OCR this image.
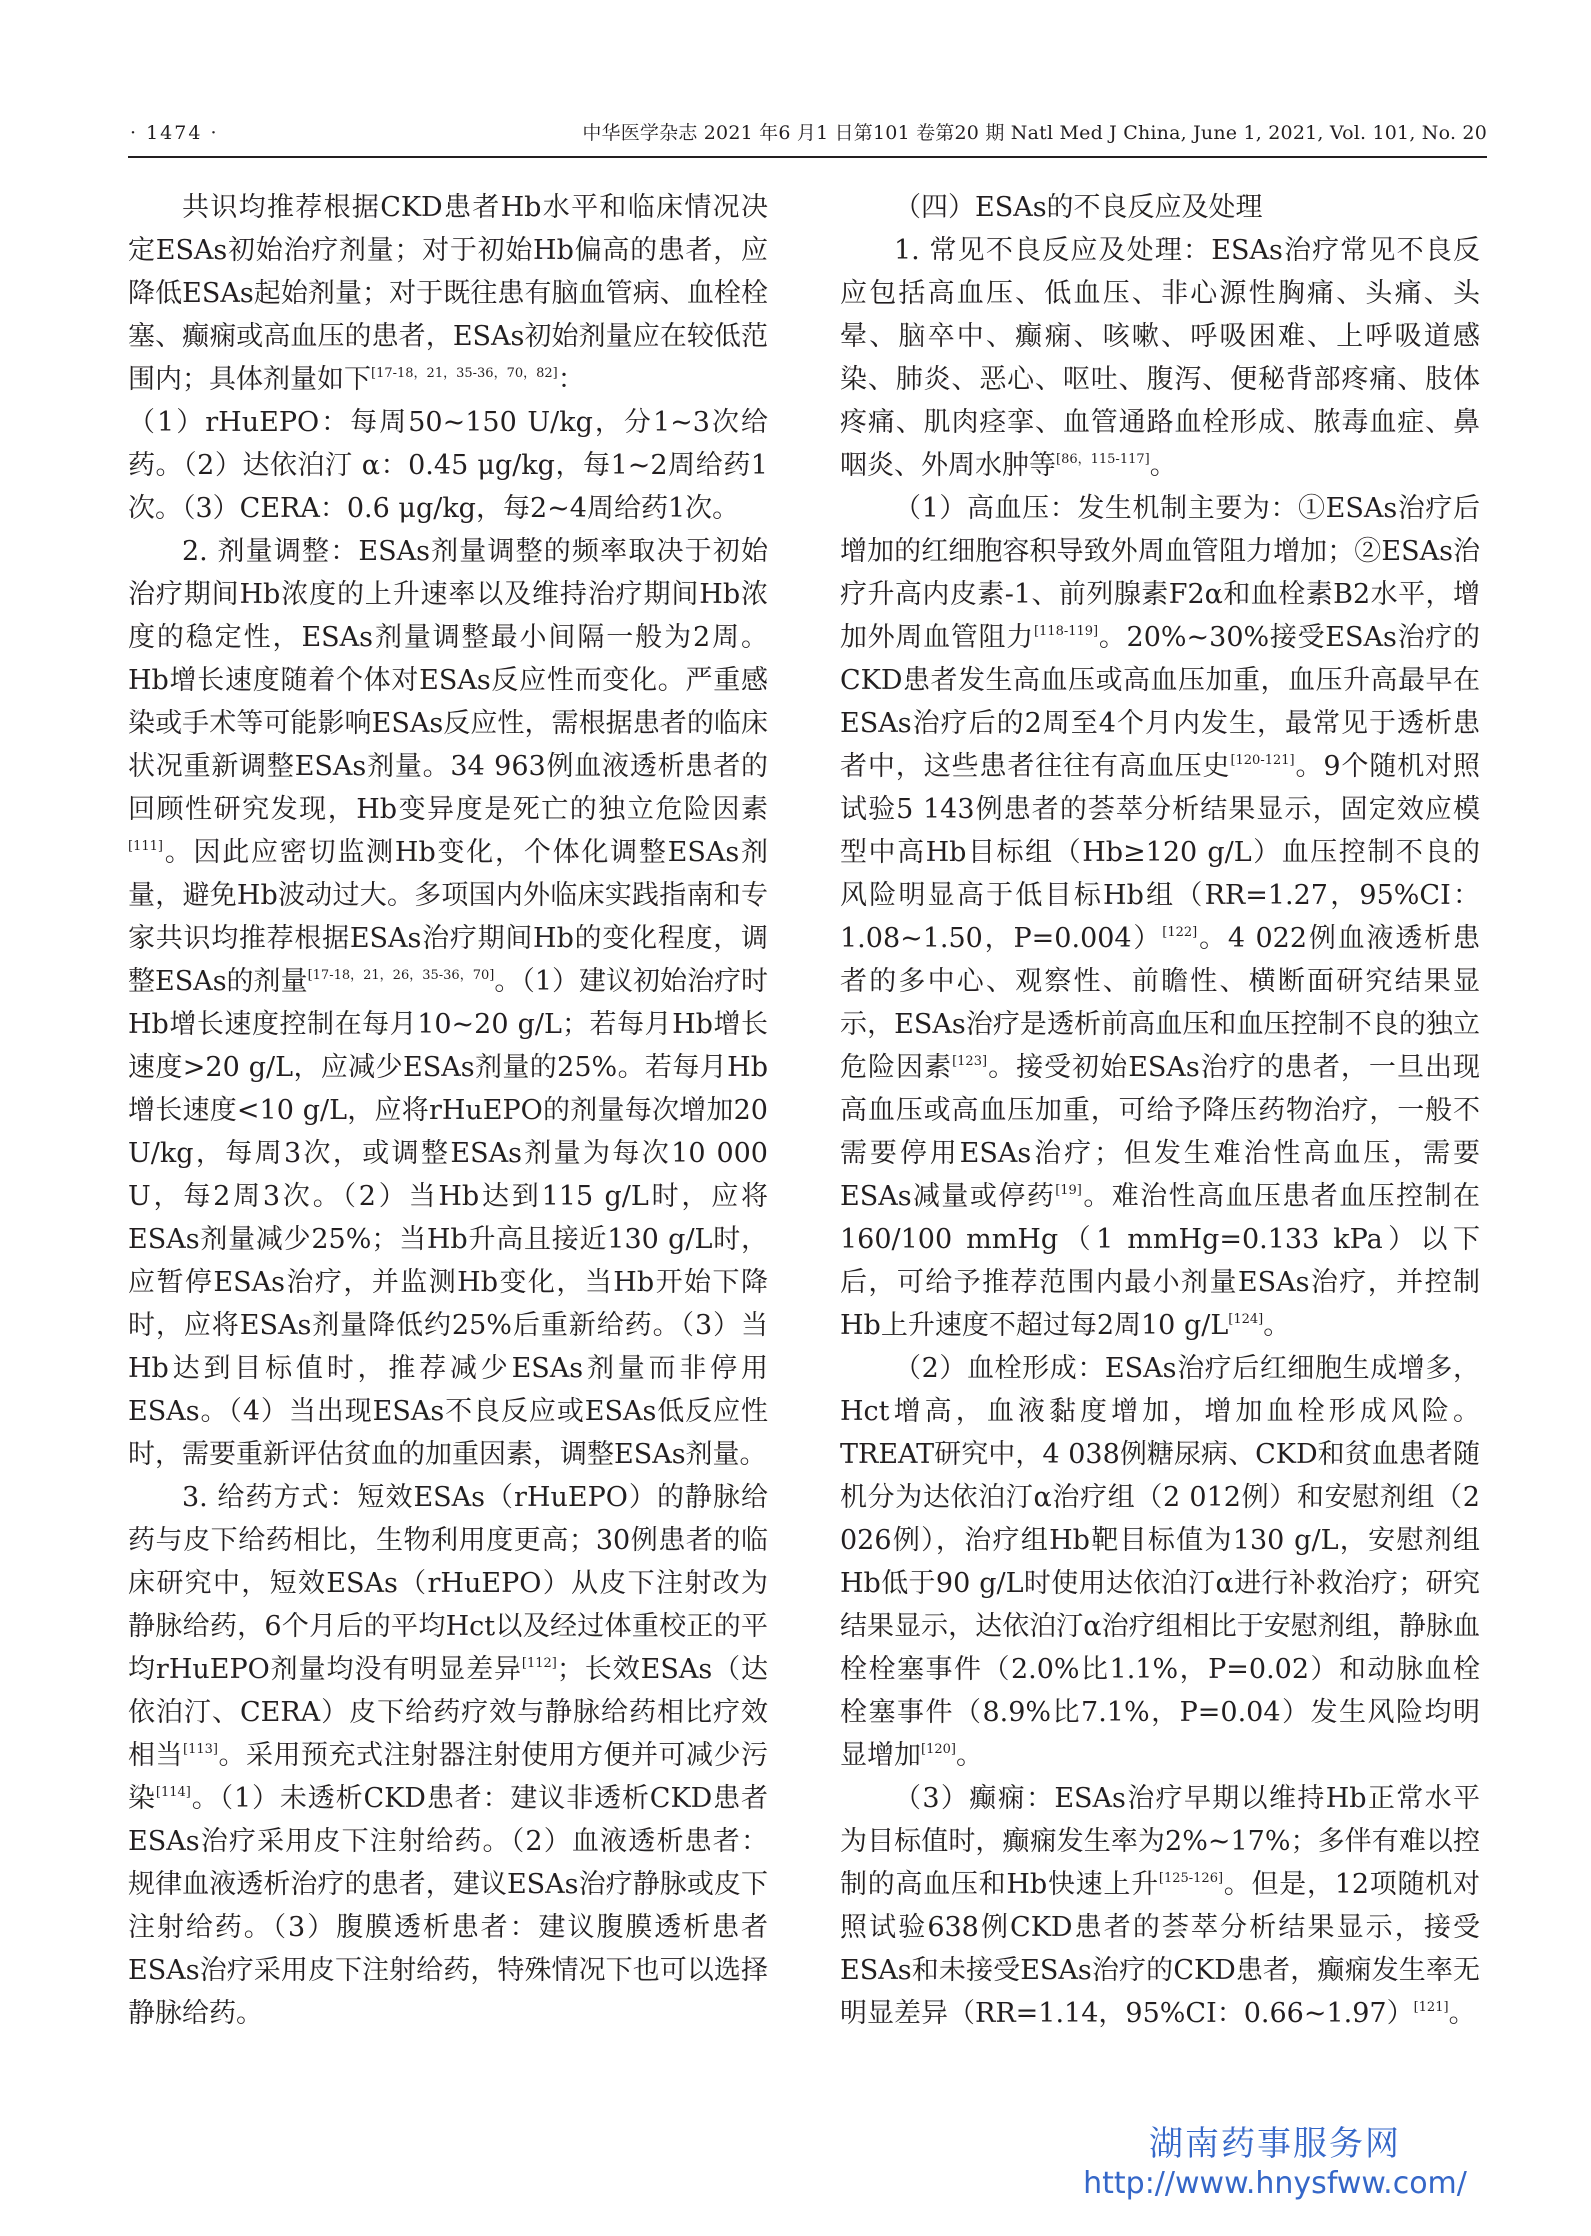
· 1474 ·	中华医学杂志 2021 年6 月1 日第101 卷第20 期 Natl Med J China, June 1, 2021, Vol. 101, No. 20

共识均推荐根据CKD患者Hb水平和临床情况决定ESAs初始治疗剂量；对于初始Hb偏高的患者，应降低ESAs起始剂量；对于既往患有脑血管病、血栓栓塞、癫痫或高血压的患者，ESAs初始剂量应在较低范围内；具体剂量如下[17-18，21，35-36，70，82]：

（1）rHuEPO：每周50~150 U/kg，分1~3次给药。（2）达依泊汀 α：0.45 μg/kg，每1~2周给药1次。（3）CERA：0.6 μg/kg，每2~4周给药1次。

2. 剂量调整：ESAs剂量调整的频率取决于初始治疗期间Hb浓度的上升速率以及维持治疗期间Hb浓度的稳定性，ESAs剂量调整最小间隔一般为2周。Hb增长速度随着个体对ESAs反应性而变化。严重感染或手术等可能影响ESAs反应性，需根据患者的临床状况重新调整ESAs剂量。34 963例血液透析患者的回顾性研究发现，Hb变异度是死亡的独立危险因素[111]。因此应密切监测Hb变化，个体化调整ESAs剂量，避免Hb波动过大。多项国内外临床实践指南和专家共识均推荐根据ESAs治疗期间Hb的变化程度，调整ESAs的剂量[17-18，21，26，35-36，70]。（1）建议初始治疗时Hb增长速度控制在每月10~20 g/L；若每月Hb增长速度>20 g/L，应减少ESAs剂量的25%。若每月Hb增长速度<10 g/L，应将rHuEPO的剂量每次增加20 U/kg，每周3次，或调整ESAs剂量为每次10 000 U，每2周3次。（2）当Hb达到115 g/L时，应将ESAs剂量减少25%；当Hb升高且接近130 g/L时，应暂停ESAs治疗，并监测Hb变化，当Hb开始下降时，应将ESAs剂量降低约25%后重新给药。（3）当Hb达到目标值时，推荐减少ESAs剂量而非停用ESAs。（4）当出现ESAs不良反应或ESAs低反应性时，需要重新评估贫血的加重因素，调整ESAs剂量。

3. 给药方式：短效ESAs（rHuEPO）的静脉给药与皮下给药相比，生物利用度更高；30例患者的临床研究中，短效ESAs（rHuEPO）从皮下注射改为静脉给药，6个月后的平均Hct以及经过体重校正的平均rHuEPO剂量均没有明显差异[112]；长效ESAs（达依泊汀、CERA）皮下给药疗效与静脉给药相比疗效相当[113]。采用预充式注射器注射使用方便并可减少污染[114]。（1）未透析CKD患者：建议非透析CKD患者ESAs治疗采用皮下注射给药。（2）血液透析患者：规律血液透析治疗的患者，建议ESAs治疗静脉或皮下注射给药。（3）腹膜透析患者：建议腹膜透析患者ESAs治疗采用皮下注射给药，特殊情况下也可以选择静脉给药。

（四）ESAs的不良反应及处理

1. 常见不良反应及处理：ESAs治疗常见不良反应包括高血压、低血压、非心源性胸痛、头痛、头晕、脑卒中、癫痫、咳嗽、呼吸困难、上呼吸道感染、肺炎、恶心、呕吐、腹泻、便秘背部疼痛、肢体疼痛、肌肉痉挛、血管通路血栓形成、脓毒血症、鼻咽炎、外周水肿等[86，115-117]。

（1）高血压：发生机制主要为：①ESAs治疗后增加的红细胞容积导致外周血管阻力增加；②ESAs治疗升高内皮素-1、前列腺素F2α和血栓素B2水平，增加外周血管阻力[118-119]。20%~30%接受ESAs治疗的CKD患者发生高血压或高血压加重，血压升高最早在ESAs治疗后的2周至4个月内发生，最常见于透析患者中，这些患者往往有高血压史[120-121]。9个随机对照试验5 143例患者的荟萃分析结果显示，固定效应模型中高Hb目标组（Hb≥120 g/L）血压控制不良的风险明显高于低目标Hb组（RR=1.27，95%CI：1.08~1.50，P=0.004）[122]。4 022例血液透析患者的多中心、观察性、前瞻性、横断面研究结果显示，ESAs治疗是透析前高血压和血压控制不良的独立危险因素[123]。接受初始ESAs治疗的患者，一旦出现高血压或高血压加重，可给予降压药物治疗，一般不需要停用ESAs治疗；但发生难治性高血压，需要ESAs减量或停药[19]。难治性高血压患者血压控制在160/100 mmHg（1 mmHg=0.133 kPa）以下后，可给予推荐范围内最小剂量ESAs治疗，并控制Hb上升速度不超过每2周10 g/L[124]。

（2）血栓形成：ESAs治疗后红细胞生成增多，Hct增高，血液黏度增加，增加血栓形成风险。TREAT研究中，4 038例糖尿病、CKD和贫血患者随机分为达依泊汀α治疗组（2 012例）和安慰剂组（2 026例），治疗组Hb靶目标值为130 g/L，安慰剂组Hb低于90 g/L时使用达依泊汀α进行补救治疗；研究结果显示，达依泊汀α治疗组相比于安慰剂组，静脉血栓栓塞事件（2.0%比1.1%，P=0.02）和动脉血栓栓塞事件（8.9%比7.1%，P=0.04）发生风险均明显增加[120]。

（3）癫痫：ESAs治疗早期以维持Hb正常水平为目标值时，癫痫发生率为2%~17%；多伴有难以控制的高血压和Hb快速上升[125-126]。但是，12项随机对照试验638例CKD患者的荟萃分析结果显示，接受ESAs和未接受ESAs治疗的CKD患者，癫痫发生率无明显差异（RR=1.14，95%CI：0.66~1.97）[121]。

湖南药事服务网
http://www.hnysfww.com/
